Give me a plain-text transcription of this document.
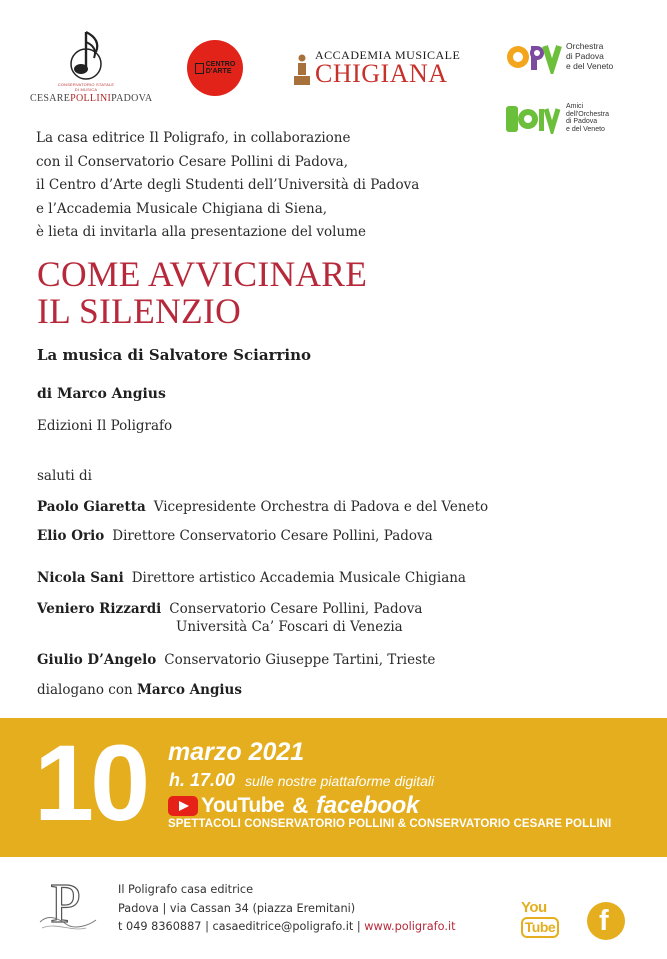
CONSERVATORIO STATALE
DI MUSICA
CESAREPOLLINIPADOVA
CENTRO
D'ARTE
ACCADEMIA MUSICALE
CHIGIANA
Orchestra
di Padova
e del Veneto
Amici
dell'Orchestra
di Padova
e del Veneto
La casa editrice Il Poligrafo, in collaborazione
con il Conservatorio Cesare Pollini di Padova,
il Centro d’Arte degli Studenti dell’Università di Padova
e l’Accademia Musicale Chigiana di Siena,
è lieta di invitarla alla presentazione del volume
COME AVVICINARE
IL SILENZIO
La musica di Salvatore Sciarrino
di Marco Angius
Edizioni Il Poligrafo
saluti di
Paolo Giaretta Vicepresidente Orchestra di Padova e del Veneto
Elio Orio Direttore Conservatorio Cesare Pollini, Padova
Nicola Sani Direttore artistico Accademia Musicale Chigiana
Veniero Rizzardi Conservatorio Cesare Pollini, Padova
Università Ca’ Foscari di Venezia
Giulio D’Angelo Conservatorio Giuseppe Tartini, Trieste
dialogano con Marco Angius
10 marzo 2021
h. 17.00 sulle nostre piattaforme digitali
YouTube & facebook
SPETTACOLI CONSERVATORIO POLLINI & CONSERVATORIO CESARE POLLINI
P	Il Poligrafo casa editrice
Padova | via Cassan 34 (piazza Eremitani)
t 049 8360887 | casaeditrice@poligrafo.it | www.poligrafo.it
You
Tube f
